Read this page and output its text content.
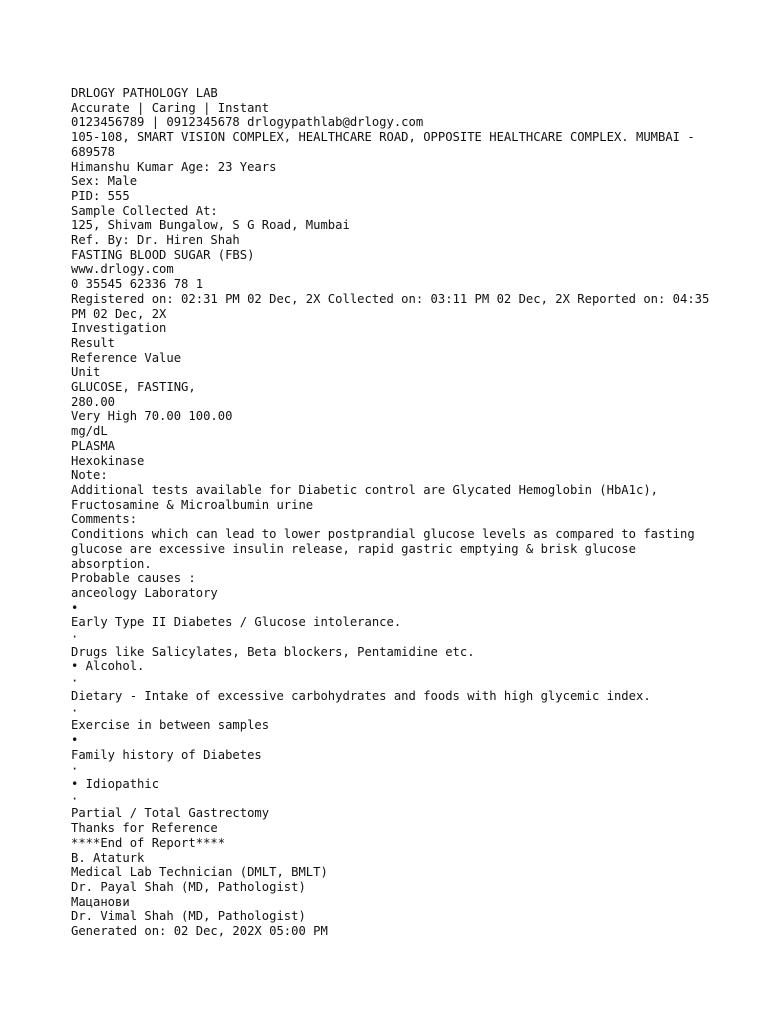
DRLOGY PATHOLOGY LAB
Accurate | Caring | Instant
0123456789 | 0912345678 drlogypathlab@drlogy.com
105-108, SMART VISION COMPLEX, HEALTHCARE ROAD, OPPOSITE HEALTHCARE COMPLEX. MUMBAI - 689578
Himanshu Kumar Age: 23 Years
Sex: Male
PID: 555
Sample Collected At:
125, Shivam Bungalow, S G Road, Mumbai
Ref. By: Dr. Hiren Shah
FASTING BLOOD SUGAR (FBS)
www.drlogy.com
0 35545 62336 78 1
Registered on: 02:31 PM 02 Dec, 2X Collected on: 03:11 PM 02 Dec, 2X Reported on: 04:35 PM 02 Dec, 2X
Investigation
Result
Reference Value
Unit
GLUCOSE, FASTING,
280.00
Very High 70.00 100.00
mg/dL
PLASMA
Hexokinase
Note:
Additional tests available for Diabetic control are Glycated Hemoglobin (HbA1c), Fructosamine & Microalbumin urine
Comments:
Conditions which can lead to lower postprandial glucose levels as compared to fasting glucose are excessive insulin release, rapid gastric emptying & brisk glucose absorption.
Probable causes :
anceology Laboratory
•
Early Type II Diabetes / Glucose intolerance.
·
Drugs like Salicylates, Beta blockers, Pentamidine etc.
• Alcohol.
·
Dietary - Intake of excessive carbohydrates and foods with high glycemic index.
·
Exercise in between samples
•
Family history of Diabetes
·
• Idiopathic
·
Partial / Total Gastrectomy
Thanks for Reference
****End of Report****
B. Ataturk
Medical Lab Technician (DMLT, BMLT)
Dr. Payal Shah (MD, Pathologist)
Мацанови
Dr. Vimal Shah (MD, Pathologist)
Generated on: 02 Dec, 202X 05:00 PM
